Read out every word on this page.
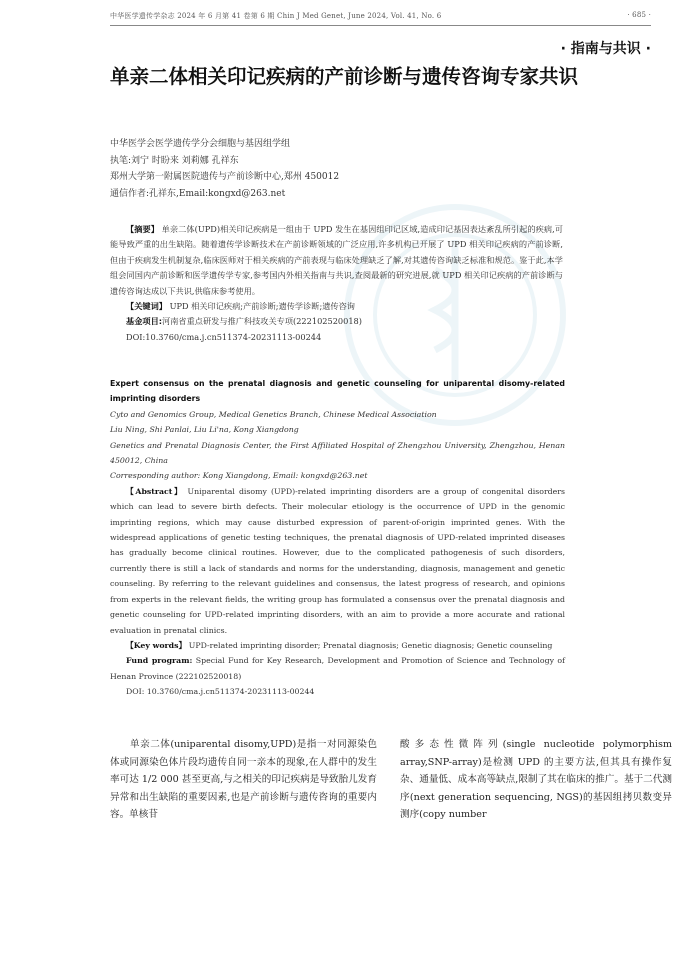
中华医学遗传学杂志 2024 年 6 月第 41 卷第 6 期 Chin J Med Genet, June 2024, Vol. 41, No. 6	· 685 ·
· 指南与共识 ·
单亲二体相关印记疾病的产前诊断与遗传咨询专家共识
中华医学会医学遗传学分会细胞与基因组学组
执笔:刘宁 时盼来 刘莉娜 孔祥东
郑州大学第一附属医院遗传与产前诊断中心,郑州 450012
通信作者:孔祥东,Email:kongxd@263.net

【摘要】 单亲二体(UPD)相关印记疾病是一组由于 UPD 发生在基因组印记区域,造成印记基因表达紊乱所引起的疾病,可能导致严重的出生缺陷。随着遗传学诊断技术在产前诊断领域的广泛应用,许多机构已开展了 UPD 相关印记疾病的产前诊断,但由于疾病发生机制复杂,临床医师对于相关疾病的产前表现与临床处理缺乏了解,对其遗传咨询缺乏标准和规范。鉴于此,本学组会同国内产前诊断和医学遗传学专家,参考国内外相关指南与共识,查阅最新的研究进展,就 UPD 相关印记疾病的产前诊断与遗传咨询达成以下共识,供临床参考使用。

【关键词】 UPD 相关印记疾病;产前诊断;遗传学诊断;遗传咨询

基金项目:河南省重点研发与推广科技攻关专项(222102520018)

DOI:10.3760/cma.j.cn511374-20231113-00244

Expert consensus on the prenatal diagnosis and genetic counseling for uniparental disomy-related imprinting disorders
Cyto and Genomics Group, Medical Genetics Branch, Chinese Medical Association
Liu Ning, Shi Panlai, Liu Li'na, Kong Xiangdong
Genetics and Prenatal Diagnosis Center, the First Affiliated Hospital of Zhengzhou University, Zhengzhou, Henan 450012, China
Corresponding author: Kong Xiangdong, Email: kongxd@263.net

【Abstract】 Uniparental disomy (UPD)-related imprinting disorders are a group of congenital disorders which can lead to severe birth defects. Their molecular etiology is the occurrence of UPD in the genomic imprinting regions, which may cause disturbed expression of parent-of-origin imprinted genes. With the widespread applications of genetic testing techniques, the prenatal diagnosis of UPD-related imprinted diseases has gradually become clinical routines. However, due to the complicated pathogenesis of such disorders, currently there is still a lack of standards and norms for the understanding, diagnosis, management and genetic counseling. By referring to the relevant guidelines and consensus, the latest progress of research, and opinions from experts in the relevant fields, the writing group has formulated a consensus over the prenatal diagnosis and genetic counseling for UPD-related imprinting disorders, with an aim to provide a more accurate and rational evaluation in prenatal clinics.

【Key words】 UPD-related imprinting disorder; Prenatal diagnosis; Genetic diagnosis; Genetic counseling

Fund program: Special Fund for Key Research, Development and Promotion of Science and Technology of Henan Province (222102520018)

DOI: 10.3760/cma.j.cn511374-20231113-00244

单亲二体(uniparental disomy,UPD)是指一对同源染色体或同源染色体片段均遗传自同一亲本的现象,在人群中的发生率可达 1/2 000 甚至更高,与之相关的印记疾病是导致胎儿发育异常和出生缺陷的重要因素,也是产前诊断与遗传咨询的重要内容。单核苷

酸多态性微阵列(single nucleotide polymorphism array,SNP-array)是检测 UPD 的主要方法,但其具有操作复杂、通量低、成本高等缺点,限制了其在临床的推广。基于二代测序(next generation sequencing, NGS)的基因组拷贝数变异测序(copy number
